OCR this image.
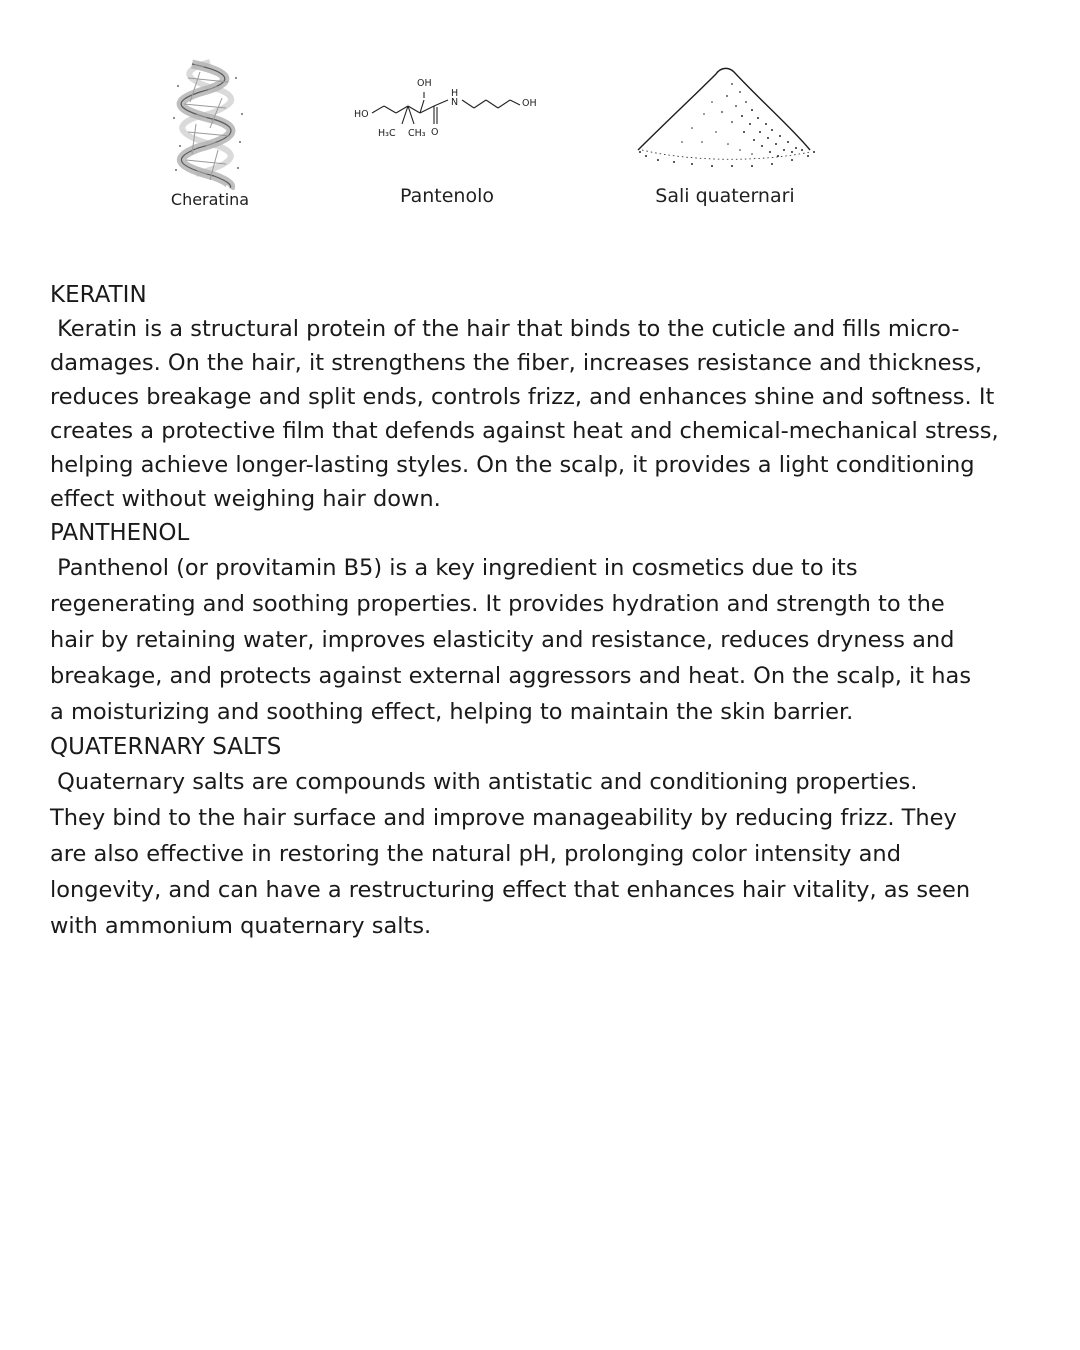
Cheratina
OH
H
N
HO
OH
H₃C CH₃ O
Pantenolo	Sali quaternari
KERATIN

Keratin is a structural protein of the hair that binds to the cuticle and fills micro-
damages. On the hair, it strengthens the fiber, increases resistance and thickness,
reduces breakage and split ends, controls frizz, and enhances shine and softness. It
creates a protective film that defends against heat and chemical-mechanical stress,
helping achieve longer-lasting styles. On the scalp, it provides a light conditioning
effect without weighing hair down.

PANTHENOL

Panthenol (or provitamin B5) is a key ingredient in cosmetics due to its
regenerating and soothing properties. It provides hydration and strength to the
hair by retaining water, improves elasticity and resistance, reduces dryness and
breakage, and protects against external aggressors and heat. On the scalp, it has
a moisturizing and soothing effect, helping to maintain the skin barrier.

QUATERNARY SALTS

Quaternary salts are compounds with antistatic and conditioning properties.
They bind to the hair surface and improve manageability by reducing frizz. They
are also effective in restoring the natural pH, prolonging color intensity and
longevity, and can have a restructuring effect that enhances hair vitality, as seen
with ammonium quaternary salts.
